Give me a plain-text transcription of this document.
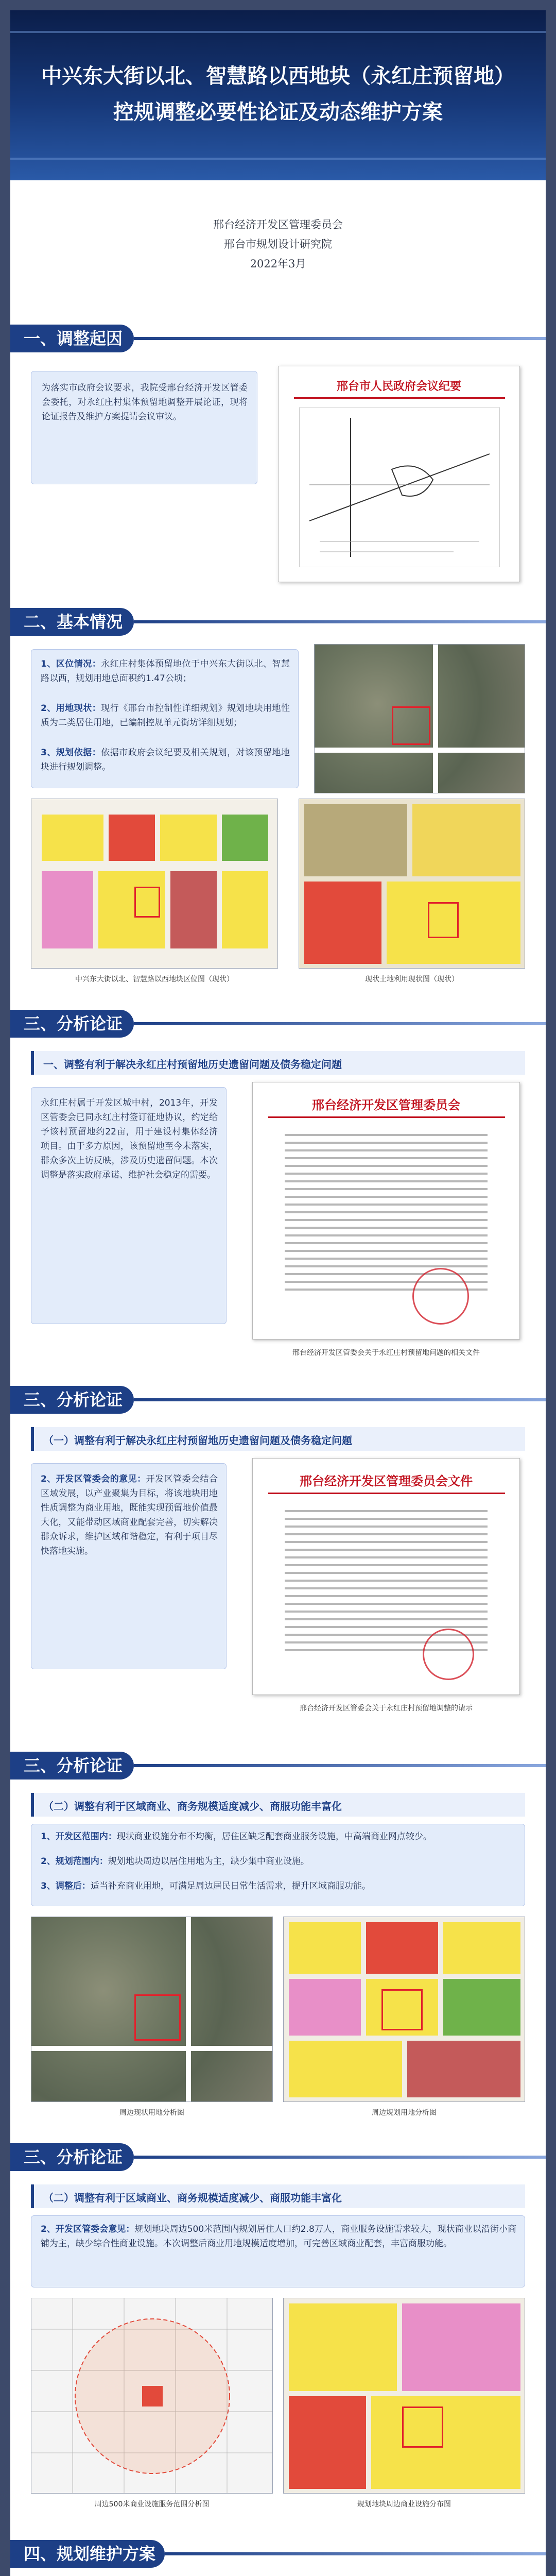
中兴东大街以北、智慧路以西地块（永红庄预留地）
控规调整必要性论证及动态维护方案
邢台经济开发区管理委员会
邢台市规划设计研究院
2022年3月
一、调整起因
为落实市政府会议要求，我院受邢台经济开发区管委会委托，对永红庄村集体预留地调整开展论证，现将论证报告及维护方案提请会议审议。
邢台市人民政府会议纪要
二、基本情况
1、区位情况：永红庄村集体预留地位于中兴东大街以北、智慧路以西，规划用地总面积约1.47公顷；
2、用地现状：现行《邢台市控制性详细规划》规划地块用地性质为二类居住用地，已编制控规单元街坊详细规划；
3、规划依据：依据市政府会议纪要及相关规划，对该预留地地块进行规划调整。
中兴东大街以北、智慧路以西地块区位图（现状）	现状土地利用现状图（现状）
三、分析论证
一、调整有利于解决永红庄村预留地历史遗留问题及债务稳定问题
永红庄村属于开发区城中村，2013年，开发区管委会已同永红庄村签订征地协议，约定给予该村预留地约22亩，用于建设村集体经济项目。由于多方原因，该预留地至今未落实，群众多次上访反映，涉及历史遗留问题。本次调整是落实政府承诺、维护社会稳定的需要。
邢台经济开发区管理委员会
邢台经济开发区管委会关于永红庄村预留地问题的相关文件
三、分析论证
（一）调整有利于解决永红庄村预留地历史遗留问题及债务稳定问题
2、开发区管委会的意见：开发区管委会结合区域发展，以产业聚集为目标，将该地块用地性质调整为商业用地，既能实现预留地价值最大化，又能带动区域商业配套完善，切实解决群众诉求，维护区域和谐稳定，有利于项目尽快落地实施。
邢台经济开发区管理委员会文件
邢台经济开发区管委会关于永红庄村预留地调整的请示
三、分析论证
（二）调整有利于区域商业、商务规模适度减少、商服功能丰富化
1、开发区范围内：现状商业设施分布不均衡，居住区缺乏配套商业服务设施，中高端商业网点较少。
2、规划范围内：规划地块周边以居住用地为主，缺少集中商业设施。
3、调整后：适当补充商业用地，可满足周边居民日常生活需求，提升区域商服功能。
周边现状用地分析图	周边规划用地分析图
三、分析论证
（二）调整有利于区域商业、商务规模适度减少、商服功能丰富化
2、开发区管委会意见：规划地块周边500米范围内规划居住人口约2.8万人，商业服务设施需求较大，现状商业以沿街小商铺为主，缺少综合性商业设施。本次调整后商业用地规模适度增加，可完善区域商业配套，丰富商服功能。
周边500米商业设施服务范围分析图	规划地块周边商业设施分布图
四、规划维护方案
